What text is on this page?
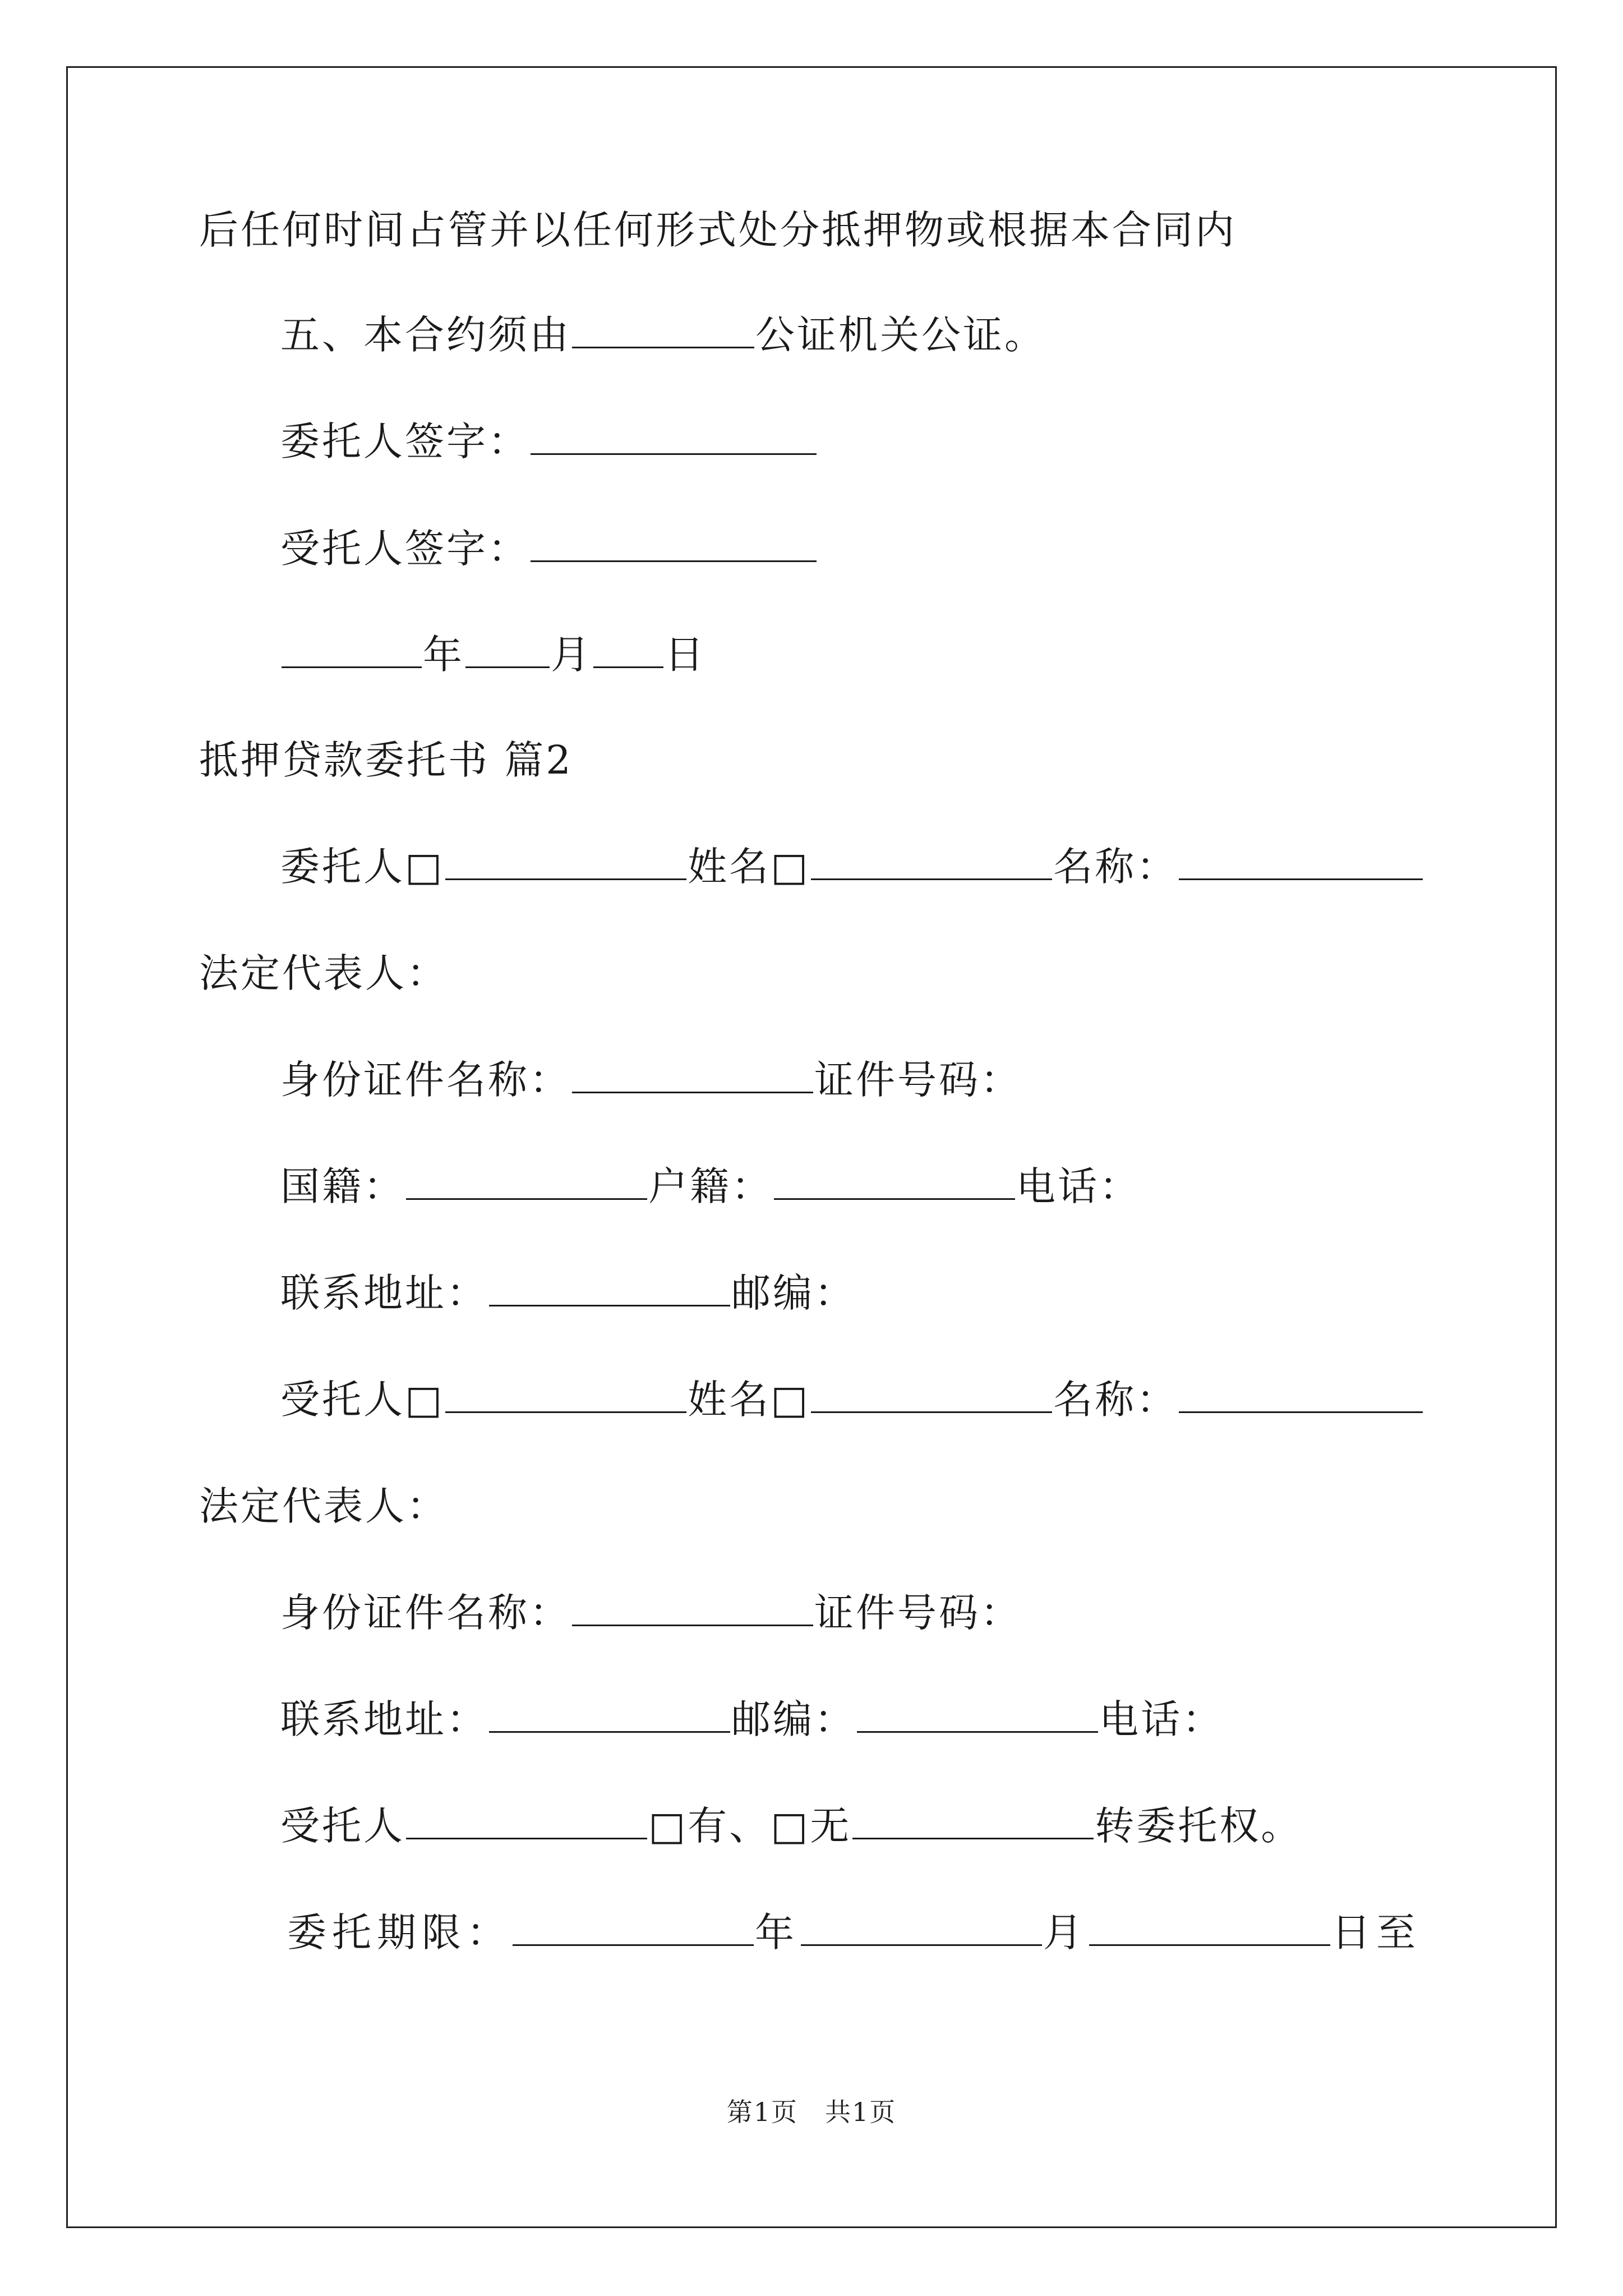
后任何时间占管并以任何形式处分抵押物或根据本合同内
五、本合约须由	公证机关公证。
委托人签字：
受托人签字：
年 月 日
抵押贷款委托书 篇2
委托人□	姓名□	名称：
法定代表人：
身份证件名称：	证件号码：
国籍：	户籍：	电话：
联系地址：	邮编：
受托人□	姓名□	名称：
法定代表人：
身份证件名称：	证件号码：
联系地址：	邮编：	电话：
受托人	□有、□无	转委托权。
委托期限：	年	月	日至
第1页　共1页
